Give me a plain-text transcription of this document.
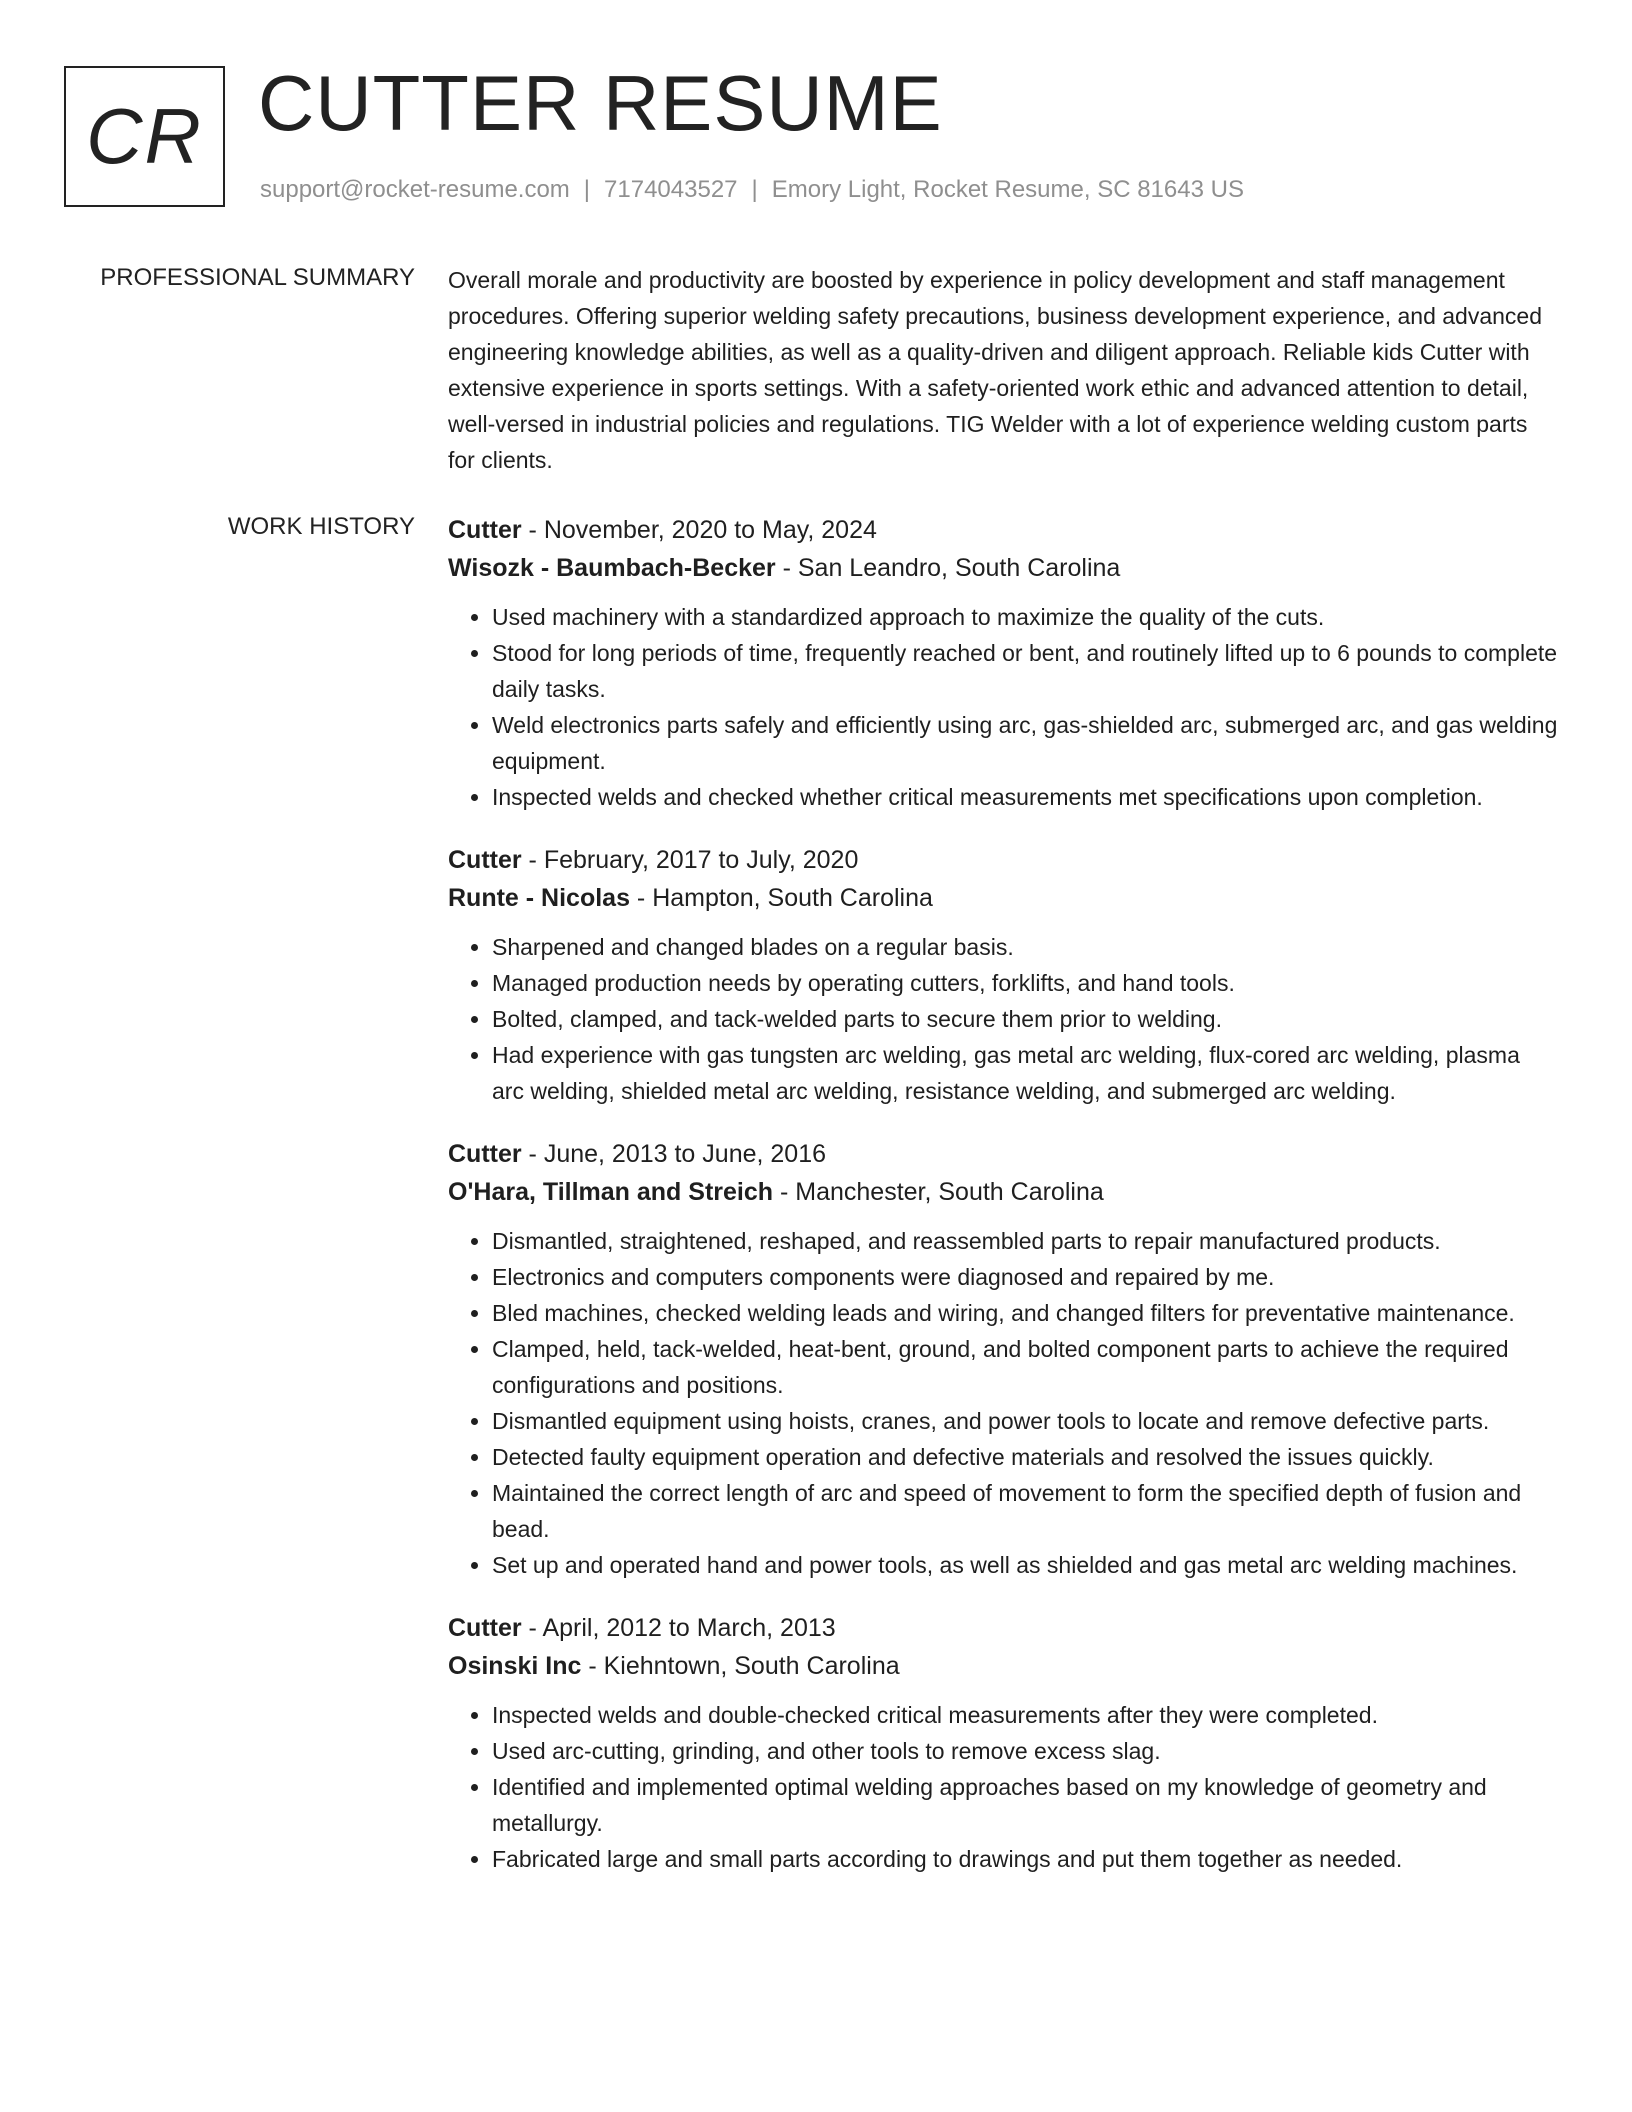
CR CUTTER RESUME
support@rocket-resume.com | 7174043527 | Emory Light, Rocket Resume, SC 81643 US
PROFESSIONAL SUMMARY Overall morale and productivity are boosted by experience in policy development and staff management procedures. Offering superior welding safety precautions, business development experience, and advanced engineering knowledge abilities, as well as a quality-driven and diligent approach. Reliable kids Cutter with extensive experience in sports settings. With a safety-oriented work ethic and advanced attention to detail, well-versed in industrial policies and regulations. TIG Welder with a lot of experience welding custom parts for clients.

WORK HISTORY Cutter - November, 2020 to May, 2024
Wisozk - Baumbach-Becker - San Leandro, South Carolina
• Used machinery with a standardized approach to maximize the quality of the cuts.
• Stood for long periods of time, frequently reached or bent, and routinely lifted up to 6 pounds to complete daily tasks.
• Weld electronics parts safely and efficiently using arc, gas-shielded arc, submerged arc, and gas welding equipment.
• Inspected welds and checked whether critical measurements met specifications upon completion.
Cutter - February, 2017 to July, 2020
Runte - Nicolas - Hampton, South Carolina
• Sharpened and changed blades on a regular basis.
• Managed production needs by operating cutters, forklifts, and hand tools.
• Bolted, clamped, and tack-welded parts to secure them prior to welding.
• Had experience with gas tungsten arc welding, gas metal arc welding, flux-cored arc welding, plasma arc welding, shielded metal arc welding, resistance welding, and submerged arc welding.
Cutter - June, 2013 to June, 2016
O'Hara, Tillman and Streich - Manchester, South Carolina
• Dismantled, straightened, reshaped, and reassembled parts to repair manufactured products.
• Electronics and computers components were diagnosed and repaired by me.
• Bled machines, checked welding leads and wiring, and changed filters for preventative maintenance.
• Clamped, held, tack-welded, heat-bent, ground, and bolted component parts to achieve the required configurations and positions.
• Dismantled equipment using hoists, cranes, and power tools to locate and remove defective parts.
• Detected faulty equipment operation and defective materials and resolved the issues quickly.
• Maintained the correct length of arc and speed of movement to form the specified depth of fusion and bead.
• Set up and operated hand and power tools, as well as shielded and gas metal arc welding machines.
Cutter - April, 2012 to March, 2013
Osinski Inc - Kiehntown, South Carolina
• Inspected welds and double-checked critical measurements after they were completed.
• Used arc-cutting, grinding, and other tools to remove excess slag.
• Identified and implemented optimal welding approaches based on my knowledge of geometry and metallurgy.
• Fabricated large and small parts according to drawings and put them together as needed.
